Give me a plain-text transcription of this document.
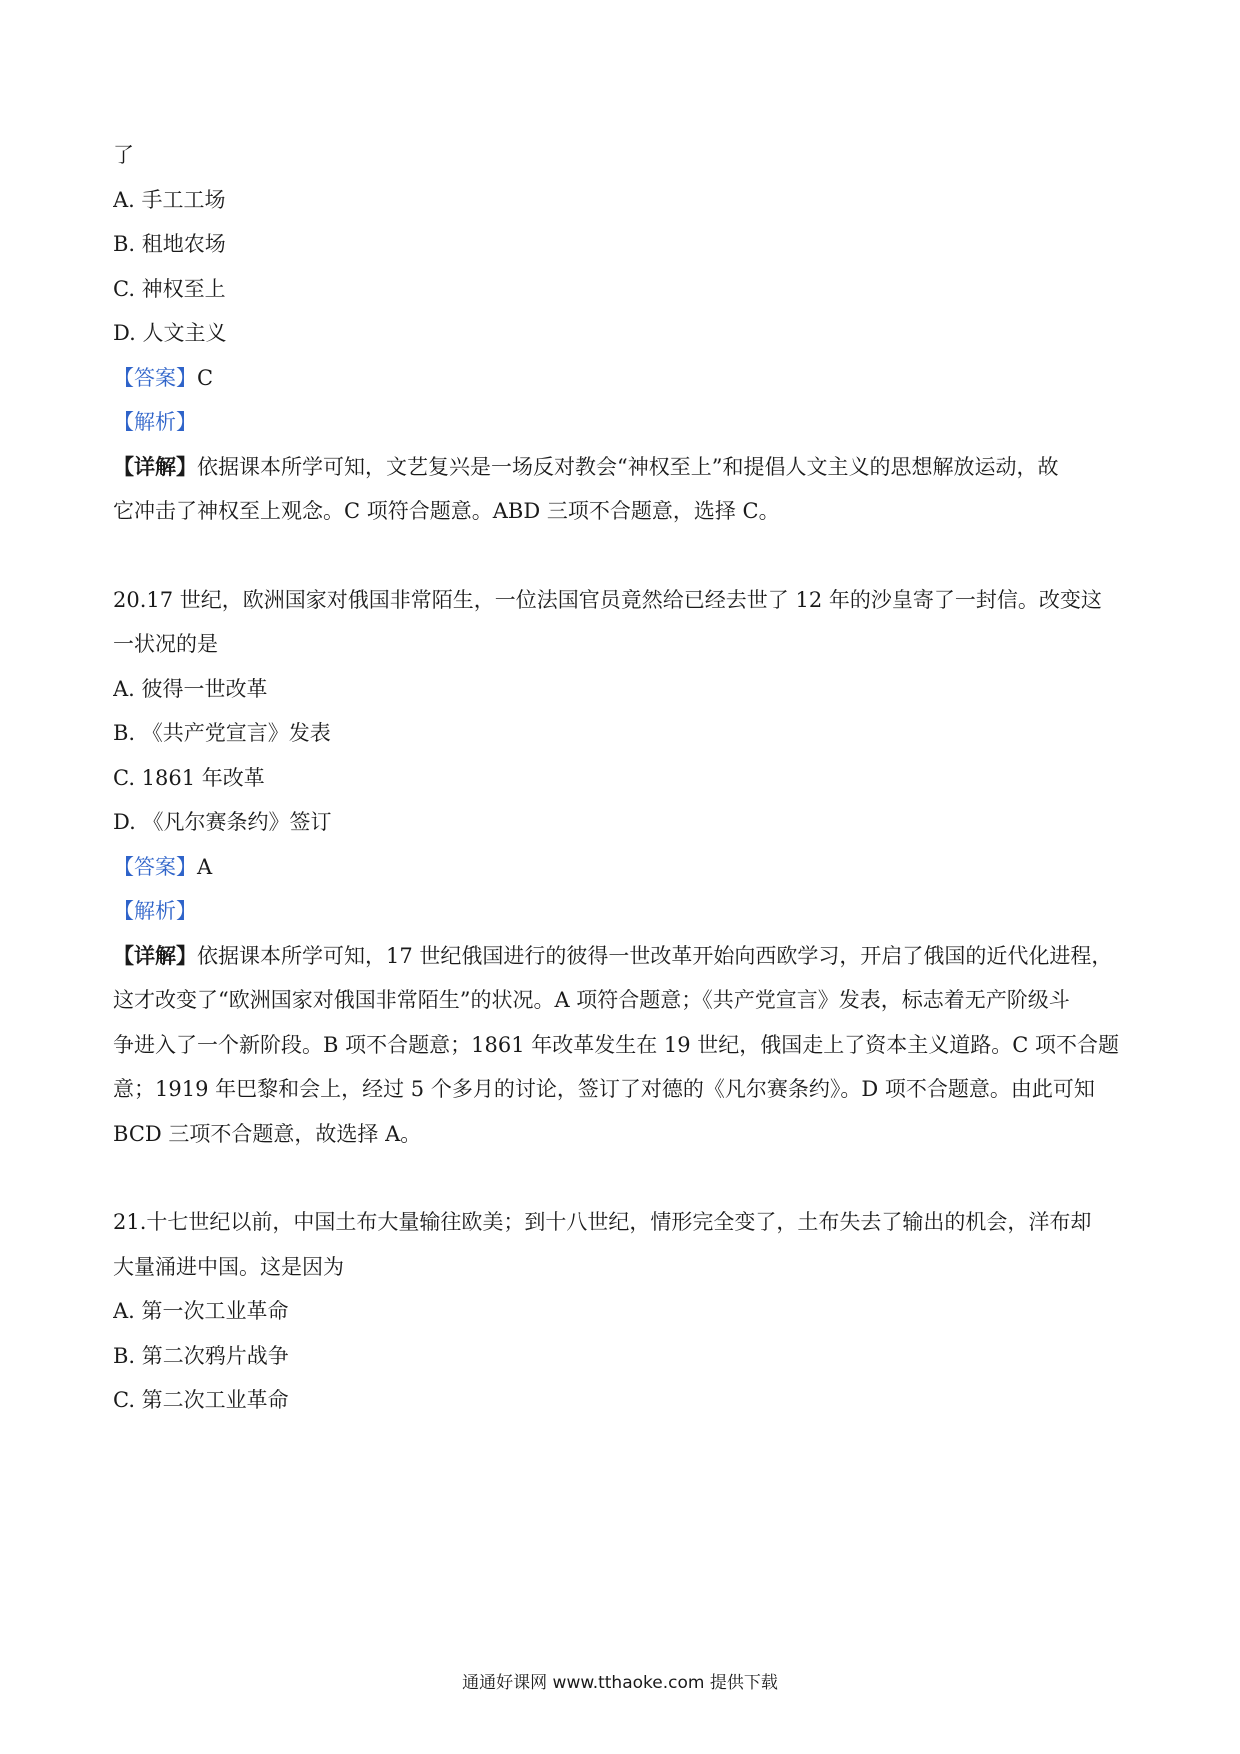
了
A. 手工工场
B. 租地农场
C. 神权至上
D. 人文主义
【答案】C
【解析】
【详解】依据课本所学可知，文艺复兴是一场反对教会“神权至上”和提倡人文主义的思想解放运动，故
它冲击了神权至上观念。C 项符合题意。ABD 三项不合题意，选择 C。
20.17 世纪，欧洲国家对俄国非常陌生，一位法国官员竟然给已经去世了 12 年的沙皇寄了一封信。改变这
一状况的是
A. 彼得一世改革
B. 《共产党宣言》发表
C. 1861 年改革
D. 《凡尔赛条约》签订
【答案】A
【解析】
【详解】依据课本所学可知，17 世纪俄国进行的彼得一世改革开始向西欧学习，开启了俄国的近代化进程，
这才改变了“欧洲国家对俄国非常陌生”的状况。A 项符合题意；《共产党宣言》发表，标志着无产阶级斗
争进入了一个新阶段。B 项不合题意；1861 年改革发生在 19 世纪，俄国走上了资本主义道路。C 项不合题
意；1919 年巴黎和会上，经过 5 个多月的讨论，签订了对德的《凡尔赛条约》。D 项不合题意。由此可知
BCD 三项不合题意，故选择 A。
21.十七世纪以前，中国土布大量输往欧美；到十八世纪，情形完全变了，土布失去了输出的机会，洋布却
大量涌进中国。这是因为
A. 第一次工业革命
B. 第二次鸦片战争
C. 第二次工业革命
通通好课网 www.tthaoke.com 提供下载
